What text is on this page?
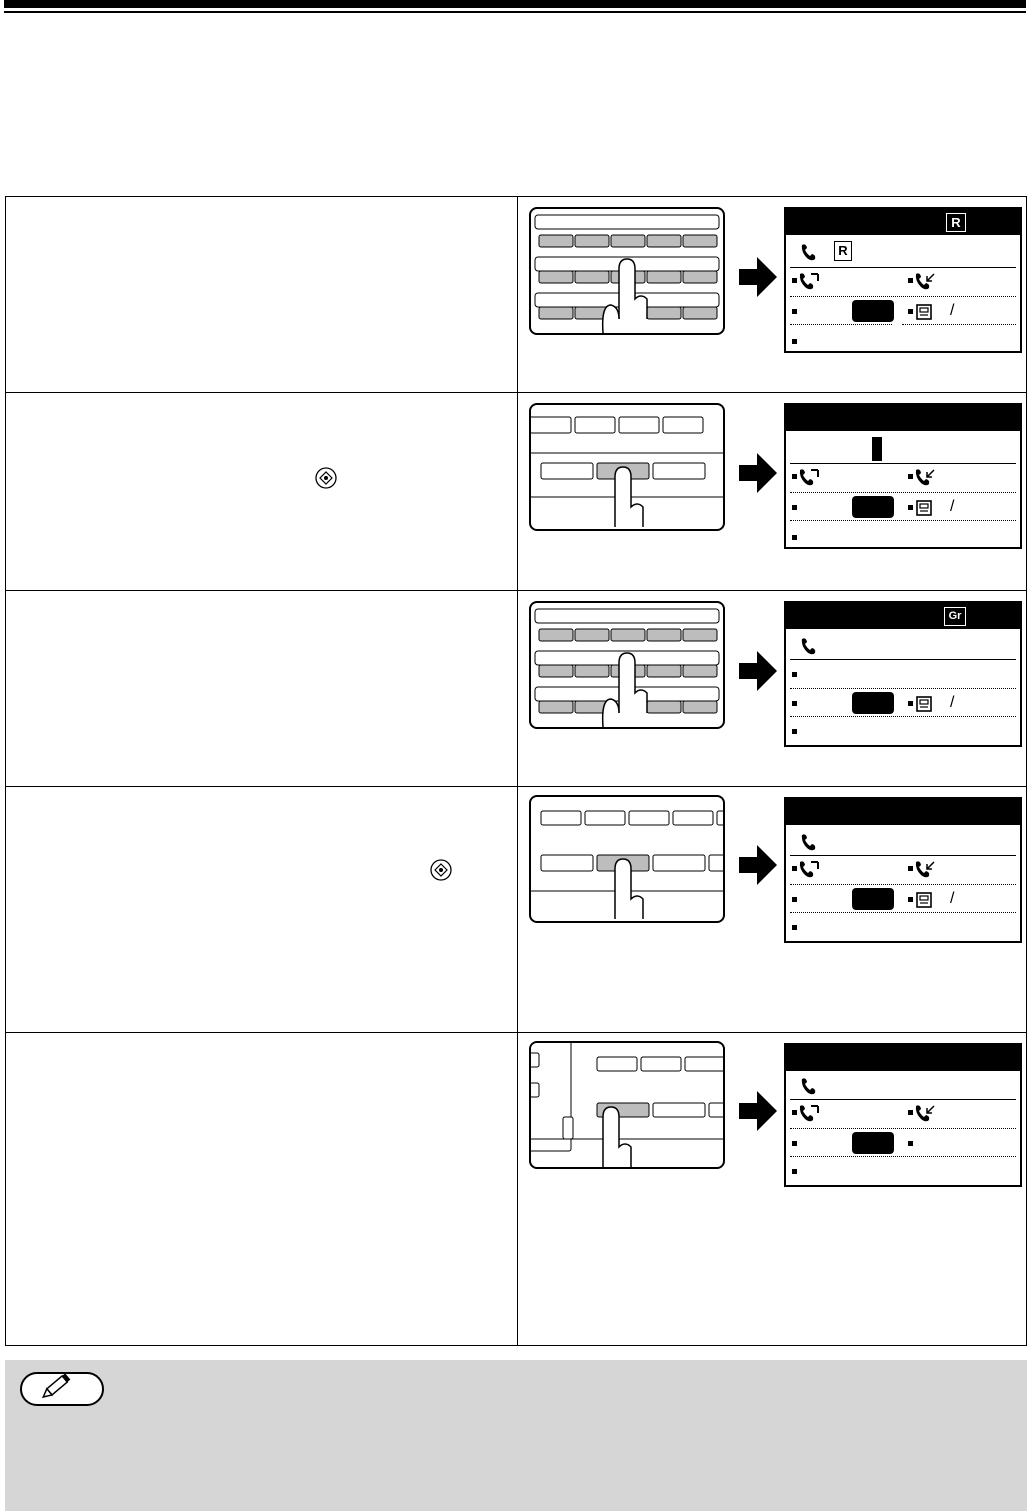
R
R
/
/
Gr
/
/
